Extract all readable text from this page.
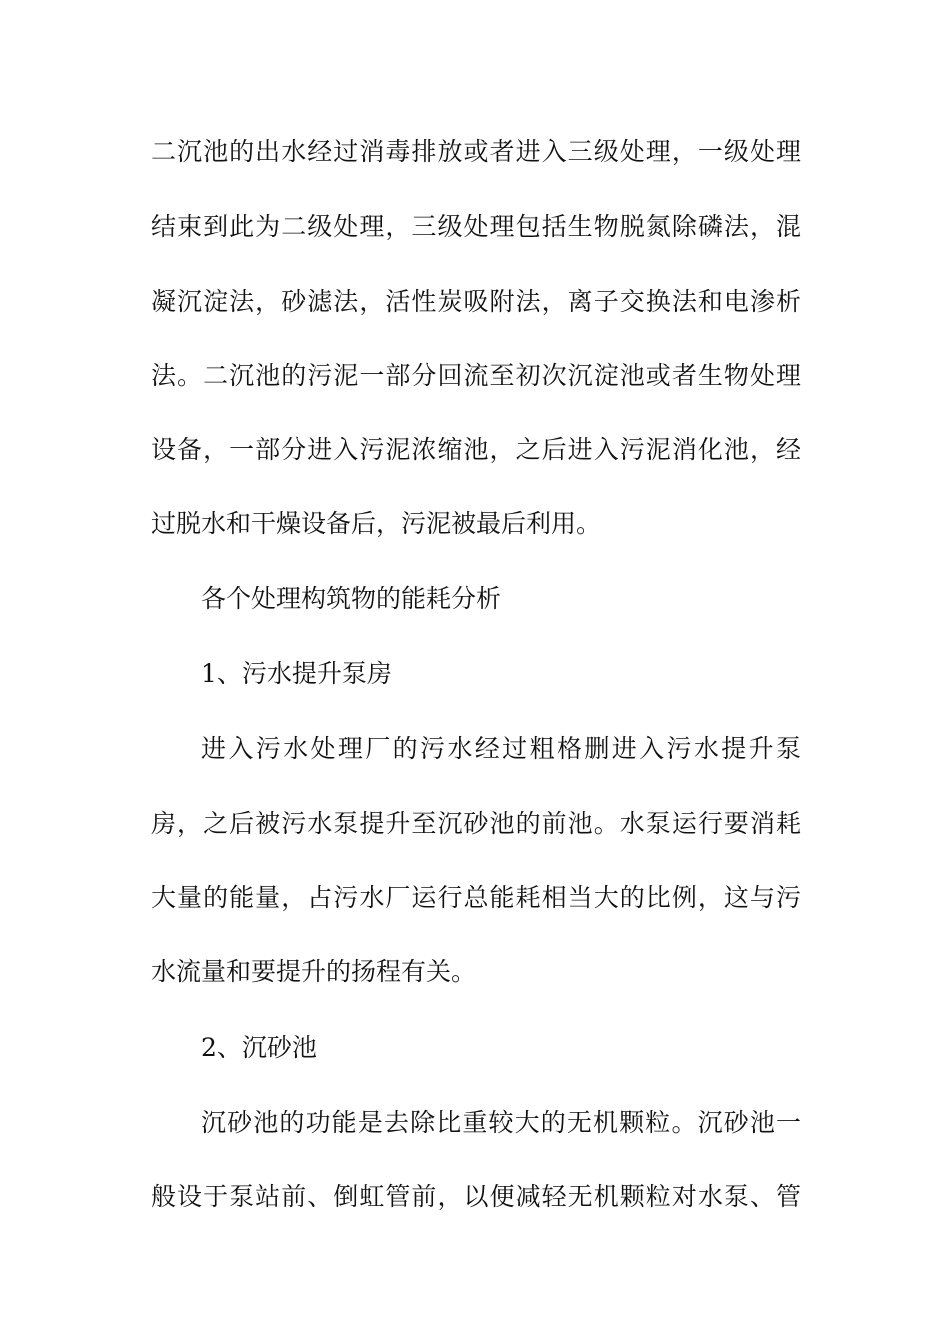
二沉池的出水经过消毒排放或者进入三级处理，一级处理
结束到此为二级处理，三级处理包括生物脱氮除磷法，混
凝沉淀法，砂滤法，活性炭吸附法，离子交换法和电渗析
法。二沉池的污泥一部分回流至初次沉淀池或者生物处理
设备，一部分进入污泥浓缩池，之后进入污泥消化池，经
过脱水和干燥设备后，污泥被最后利用。
各个处理构筑物的能耗分析
1、污水提升泵房
进入污水处理厂的污水经过粗格删进入污水提升泵
房，之后被污水泵提升至沉砂池的前池。水泵运行要消耗
大量的能量，占污水厂运行总能耗相当大的比例，这与污
水流量和要提升的扬程有关。
2、沉砂池
沉砂池的功能是去除比重较大的无机颗粒。沉砂池一
般设于泵站前、倒虹管前，以便减轻无机颗粒对水泵、管
